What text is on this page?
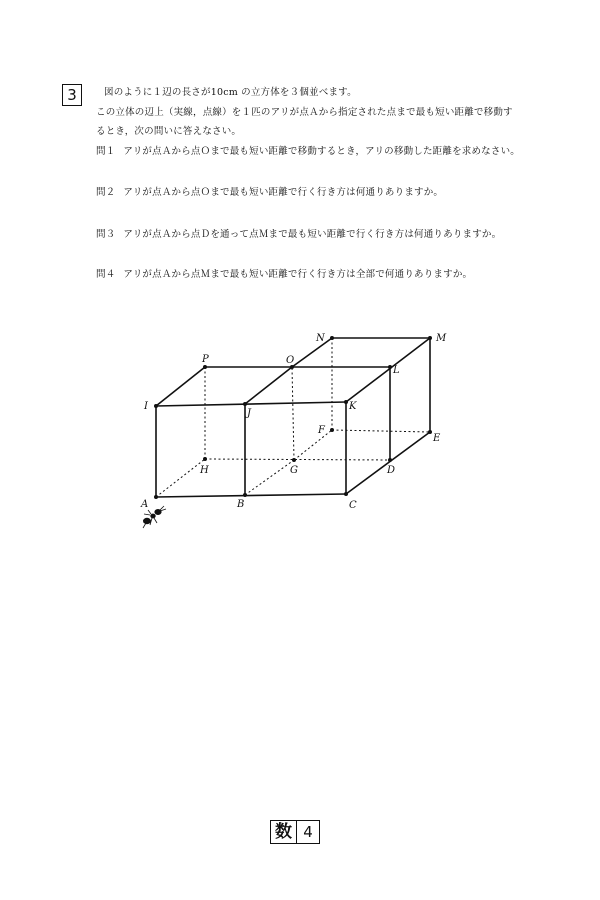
3	図のように１辺の長さが10cm の立方体を３個並べます。
この立体の辺上（実線，点線）を１匹のアリが点Ａから指定された点まで最も短い距離で移動す
るとき，次の問いに答えなさい。
問１ アリが点Ａから点Ｏまで最も短い距離で移動するとき，アリの移動した距離を求めなさい。
問２ アリが点Ａから点Ｏまで最も短い距離で行く行き方は何通りありますか。
問３ アリが点Ａから点Ｄを通って点Ｍまで最も短い距離で行く行き方は何通りありますか。
問４ アリが点Ａから点Ｍまで最も短い距離で行く行き方は全部で何通りありますか。
A	B	C
D
E
F
G
H
I
J
K
L
M
N
O
P
数 4
